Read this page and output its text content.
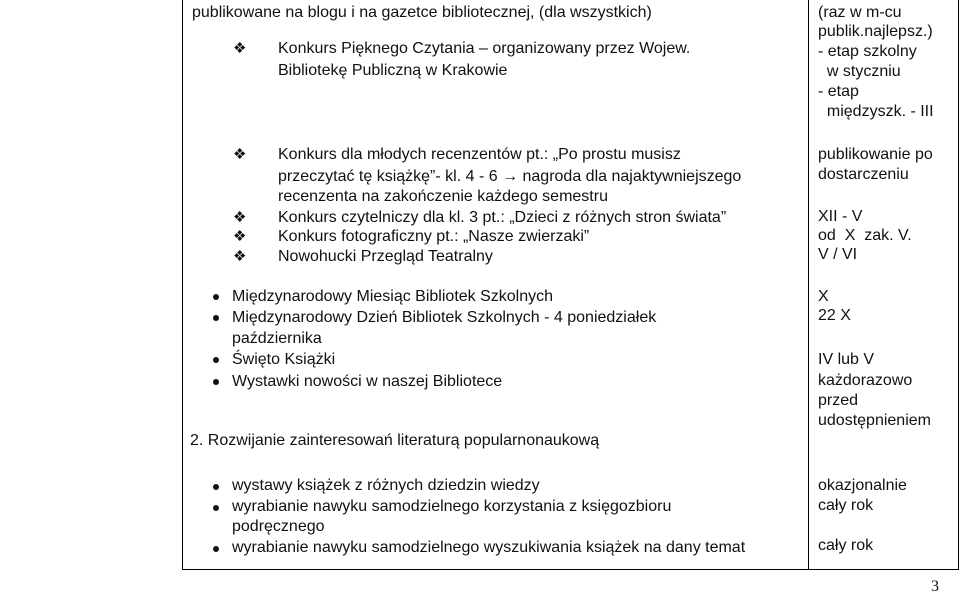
publikowane na blogu i na gazetce bibliotecznej, (dla wszystkich)
❖ Konkurs Pięknego Czytania – organizowany przez Wojew.
Bibliotekę Publiczną w Krakowie
❖ Konkurs dla młodych recenzentów pt.: „Po prostu musisz
przeczytać tę książkę”- kl. 4 - 6 → nagroda dla najaktywniejszego
recenzenta na zakończenie każdego semestru
❖ Konkurs czytelniczy dla kl. 3 pt.: „Dzieci z różnych stron świata”
❖ Konkurs fotograficzny pt.: „Nasze zwierzaki”
❖ Nowohucki Przegląd Teatralny
Międzynarodowy Miesiąc Bibliotek Szkolnych
Międzynarodowy Dzień Bibliotek Szkolnych - 4 poniedziałek
października
Święto Książki
Wystawki nowości w naszej Bibliotece
2. Rozwijanie zainteresowań literaturą popularnonaukową
wystawy książek z różnych dziedzin wiedzy
wyrabianie nawyku samodzielnego korzystania z księgozbioru
podręcznego
wyrabianie nawyku samodzielnego wyszukiwania książek na dany temat
(raz w m-cu
publik.najlepsz.)
- etap szkolny
w styczniu
- etap
międzyszk. - III
publikowanie po
dostarczeniu
XII - V
od  X  zak. V.
V / VI
X
22 X
IV lub V
każdorazowo
przed
udostępnieniem
okazjonalnie
cały rok
cały rok
3
